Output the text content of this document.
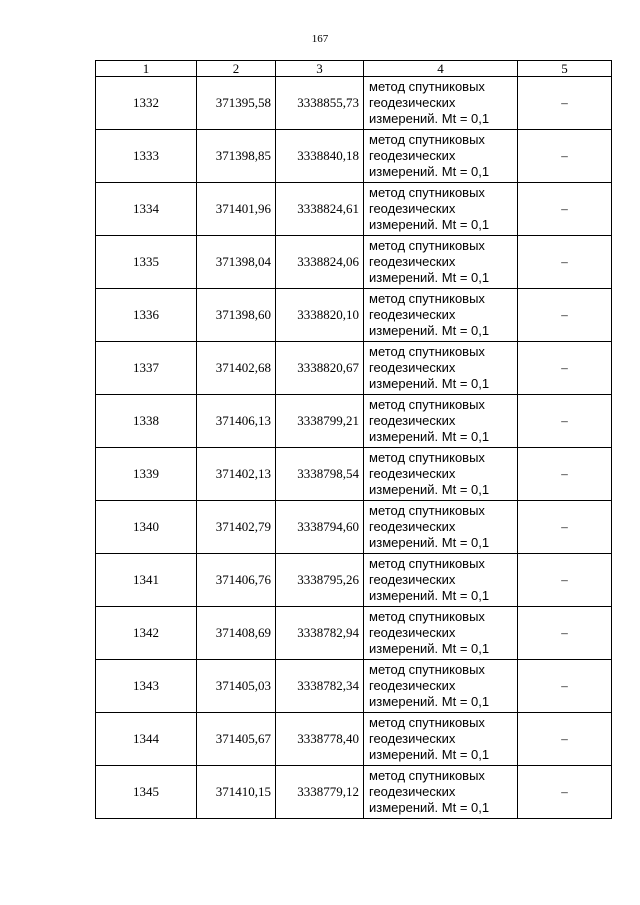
167
1	2	3	4	5
1332	371395,58	3338855,73	метод спутниковых геодезических измерений. Mt = 0,1	–
1333	371398,85	3338840,18	метод спутниковых геодезических измерений. Mt = 0,1	–
1334	371401,96	3338824,61	метод спутниковых геодезических измерений. Mt = 0,1	–
1335	371398,04	3338824,06	метод спутниковых геодезических измерений. Mt = 0,1	–
1336	371398,60	3338820,10	метод спутниковых геодезических измерений. Mt = 0,1	–
1337	371402,68	3338820,67	метод спутниковых геодезических измерений. Mt = 0,1	–
1338	371406,13	3338799,21	метод спутниковых геодезических измерений. Mt = 0,1	–
1339	371402,13	3338798,54	метод спутниковых геодезических измерений. Mt = 0,1	–
1340	371402,79	3338794,60	метод спутниковых геодезических измерений. Mt = 0,1	–
1341	371406,76	3338795,26	метод спутниковых геодезических измерений. Mt = 0,1	–
1342	371408,69	3338782,94	метод спутниковых геодезических измерений. Mt = 0,1	–
1343	371405,03	3338782,34	метод спутниковых геодезических измерений. Mt = 0,1	–
1344	371405,67	3338778,40	метод спутниковых геодезических измерений. Mt = 0,1	–
1345	371410,15	3338779,12	метод спутниковых геодезических измерений. Mt = 0,1	–
